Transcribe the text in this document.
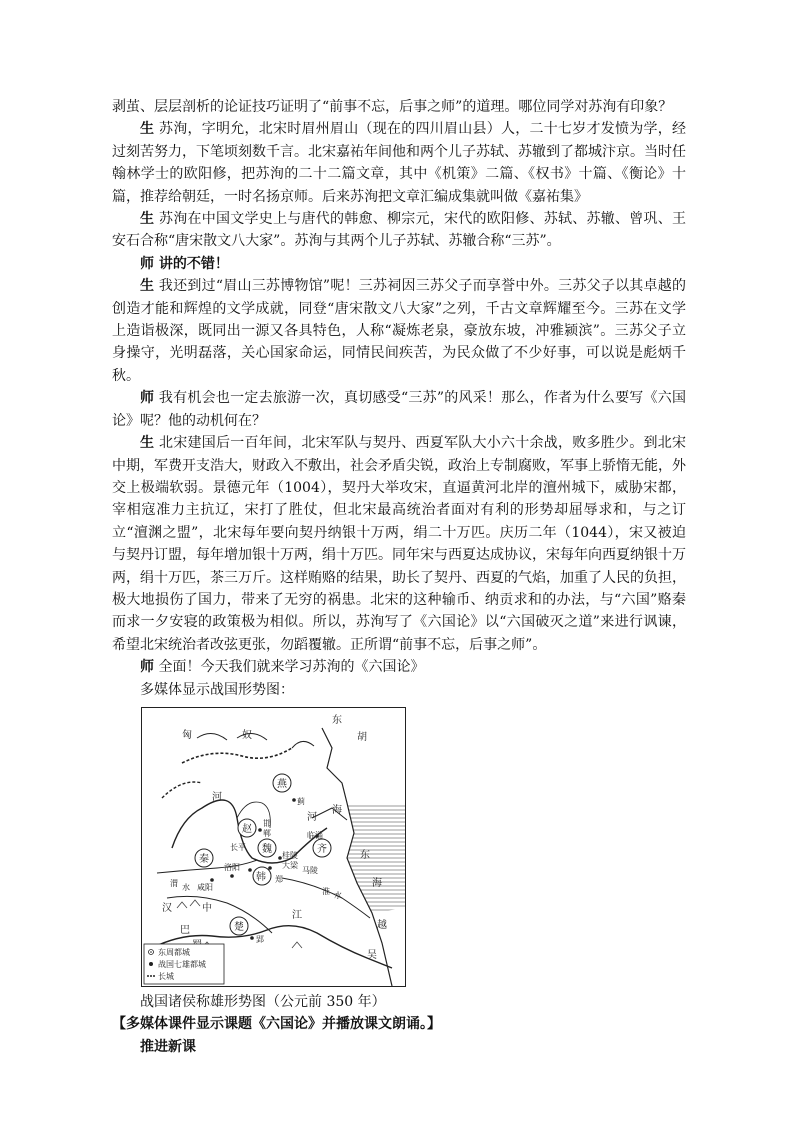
剥茧、层层剖析的论证技巧证明了“前事不忘，后事之师”的道理。哪位同学对苏洵有印象？

生 苏洵，字明允，北宋时眉州眉山（现在的四川眉山县）人，二十七岁才发愤为学，经过刻苦努力，下笔顷刻数千言。北宋嘉祐年间他和两个儿子苏轼、苏辙到了都城汴京。当时任翰林学士的欧阳修，把苏洵的二十二篇文章，其中《机策》二篇、《权书》十篇、《衡论》十篇，推荐给朝廷，一时名扬京师。后来苏洵把文章汇编成集就叫做《嘉祐集》

生 苏洵在中国文学史上与唐代的韩愈、柳宗元，宋代的欧阳修、苏轼、苏辙、曾巩、王安石合称“唐宋散文八大家”。苏洵与其两个儿子苏轼、苏辙合称“三苏”。

师 讲的不错！

生 我还到过“眉山三苏博物馆”呢！三苏祠因三苏父子而享誉中外。三苏父子以其卓越的创造才能和辉煌的文学成就，同登“唐宋散文八大家”之列，千古文章辉耀至今。三苏在文学上造诣极深，既同出一源又各具特色，人称“凝炼老泉，豪放东坡，冲雅颍滨”。三苏父子立身操守，光明磊落，关心国家命运，同情民间疾苦，为民众做了不少好事，可以说是彪炳千秋。

师 我有机会也一定去旅游一次，真切感受“三苏”的风采！那么，作者为什么要写《六国论》呢？他的动机何在？

生 北宋建国后一百年间，北宋军队与契丹、西夏军队大小六十余战，败多胜少。到北宋中期，军费开支浩大，财政入不敷出，社会矛盾尖锐，政治上专制腐败，军事上骄惰无能，外交上极端软弱。景德元年（1004），契丹大举攻宋，直逼黄河北岸的澶州城下，威胁宋都，宰相寇准力主抗辽，宋打了胜仗，但北宋最高统治者面对有利的形势却屈辱求和，与之订立“澶渊之盟”，北宋每年要向契丹纳银十万两，绢二十万匹。庆历二年（1044），宋又被迫与契丹订盟，每年增加银十万两，绢十万匹。同年宋与西夏达成协议，宋每年向西夏纳银十万两，绢十万匹，茶三万斤。这样贿赂的结果，助长了契丹、西夏的气焰，加重了人民的负担，极大地损伤了国力，带来了无穷的祸患。北宋的这种输币、纳贡求和的办法，与“六国”赂秦而求一夕安寝的政策极为相似。所以，苏洵写了《六国论》以“六国破灭之道”来进行讽谏，希望北宋统治者改弦更张，勿蹈覆辙。正所谓“前事不忘，后事之师”。

师 全面！今天我们就来学习苏洵的《六国论》

多媒体显示战国形势图：

匈	奴
东
胡
燕
蓟
赵
邯
郸
海
东
海
河
河
长平 魏
桂陵
齐
临淄
秦
渭 水 咸阳
洛阳
韩 郑
大梁
马陵
汉	中
楚
郢
江
越
吴
巴
淮 水
东周都城
战国七雄都城
长城

战国诸侯称雄形势图（公元前 350 年）

【多媒体课件显示课题《六国论》并播放课文朗诵。】

推进新课
